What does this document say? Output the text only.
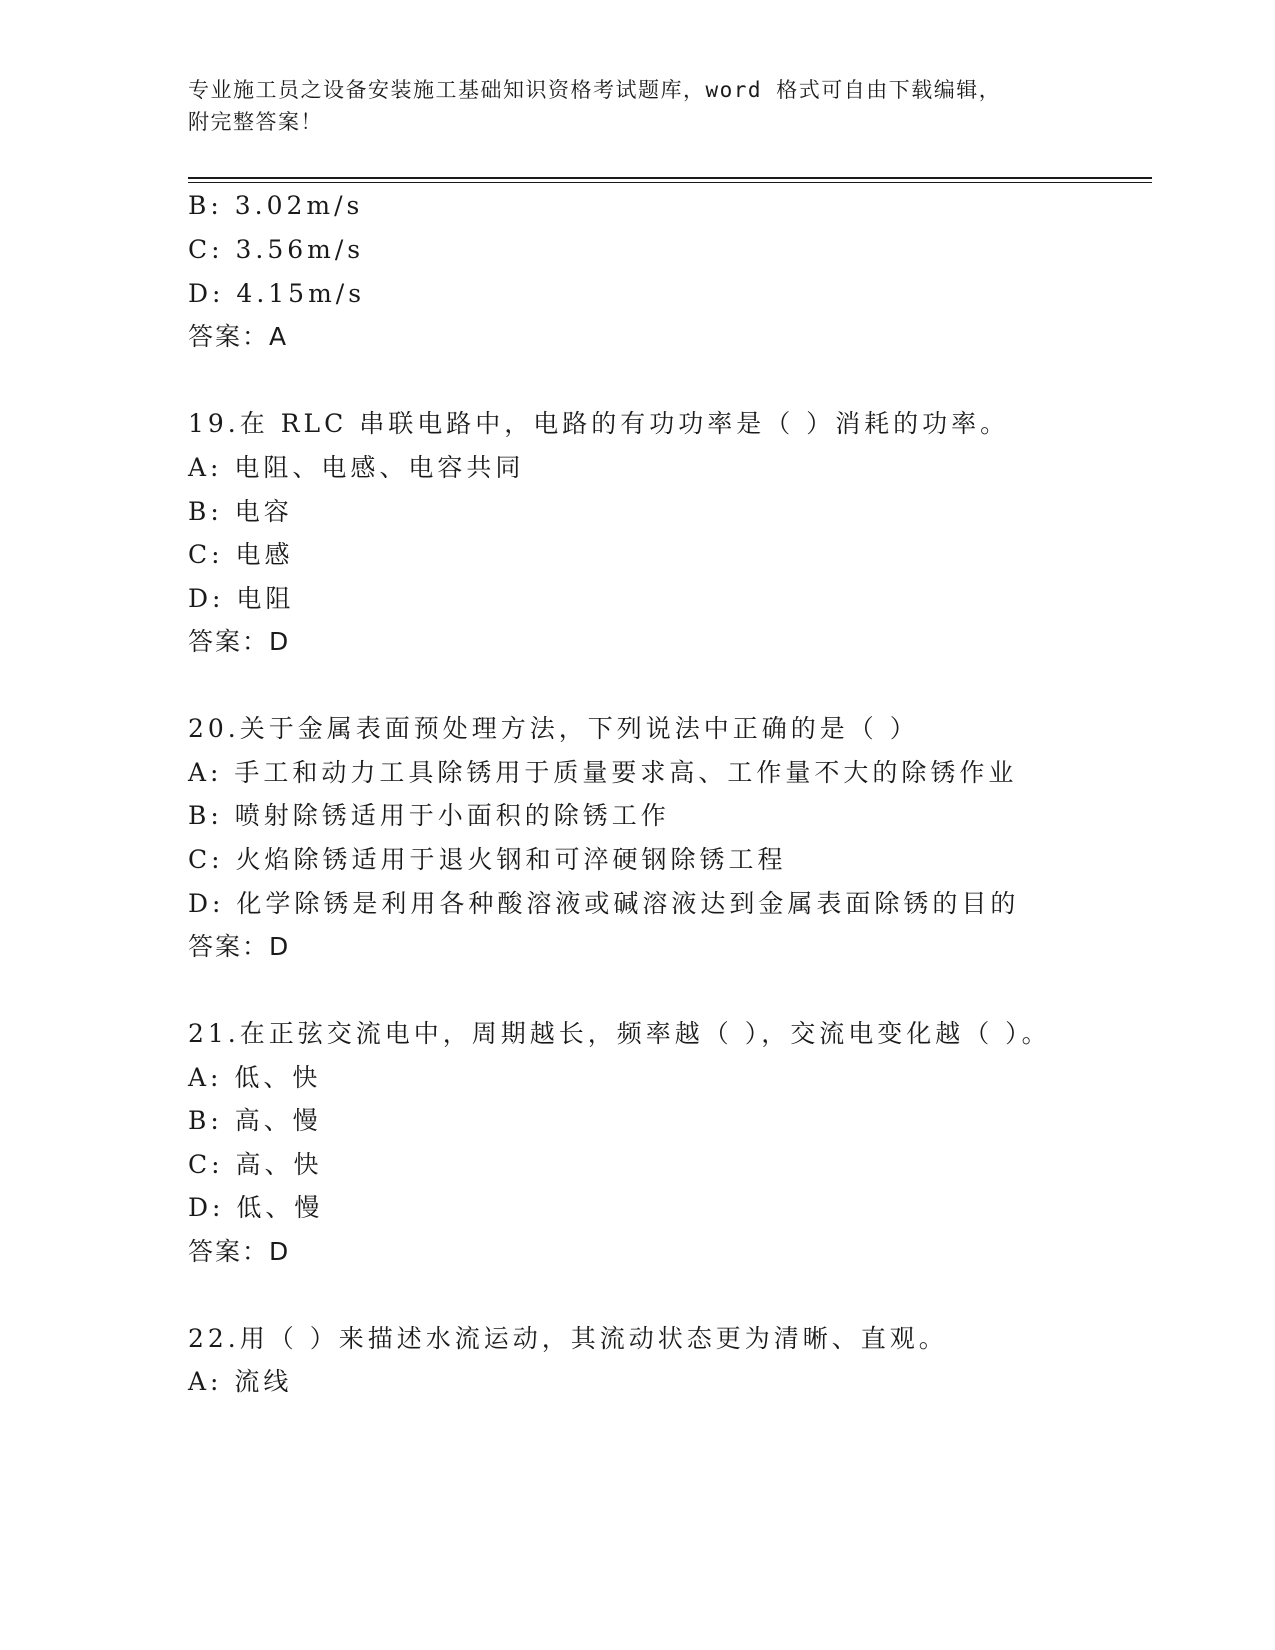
专业施工员之设备安装施工基础知识资格考试题库，word 格式可自由下载编辑，
附完整答案！
B: 3.02m/s
C: 3.56m/s
D: 4.15m/s
答案：A
19.在 RLC 串联电路中，电路的有功功率是（ ）消耗的功率。
A: 电阻、电感、电容共同
B: 电容
C: 电感
D: 电阻
答案：D
20.关于金属表面预处理方法，下列说法中正确的是（ ）
A: 手工和动力工具除锈用于质量要求高、工作量不大的除锈作业
B: 喷射除锈适用于小面积的除锈工作
C: 火焰除锈适用于退火钢和可淬硬钢除锈工程
D: 化学除锈是利用各种酸溶液或碱溶液达到金属表面除锈的目的
答案：D
21.在正弦交流电中，周期越长，频率越（ ），交流电变化越（ ）。
A: 低、快
B: 高、慢
C: 高、快
D: 低、慢
答案：D
22.用（ ）来描述水流运动，其流动状态更为清晰、直观。
A: 流线
